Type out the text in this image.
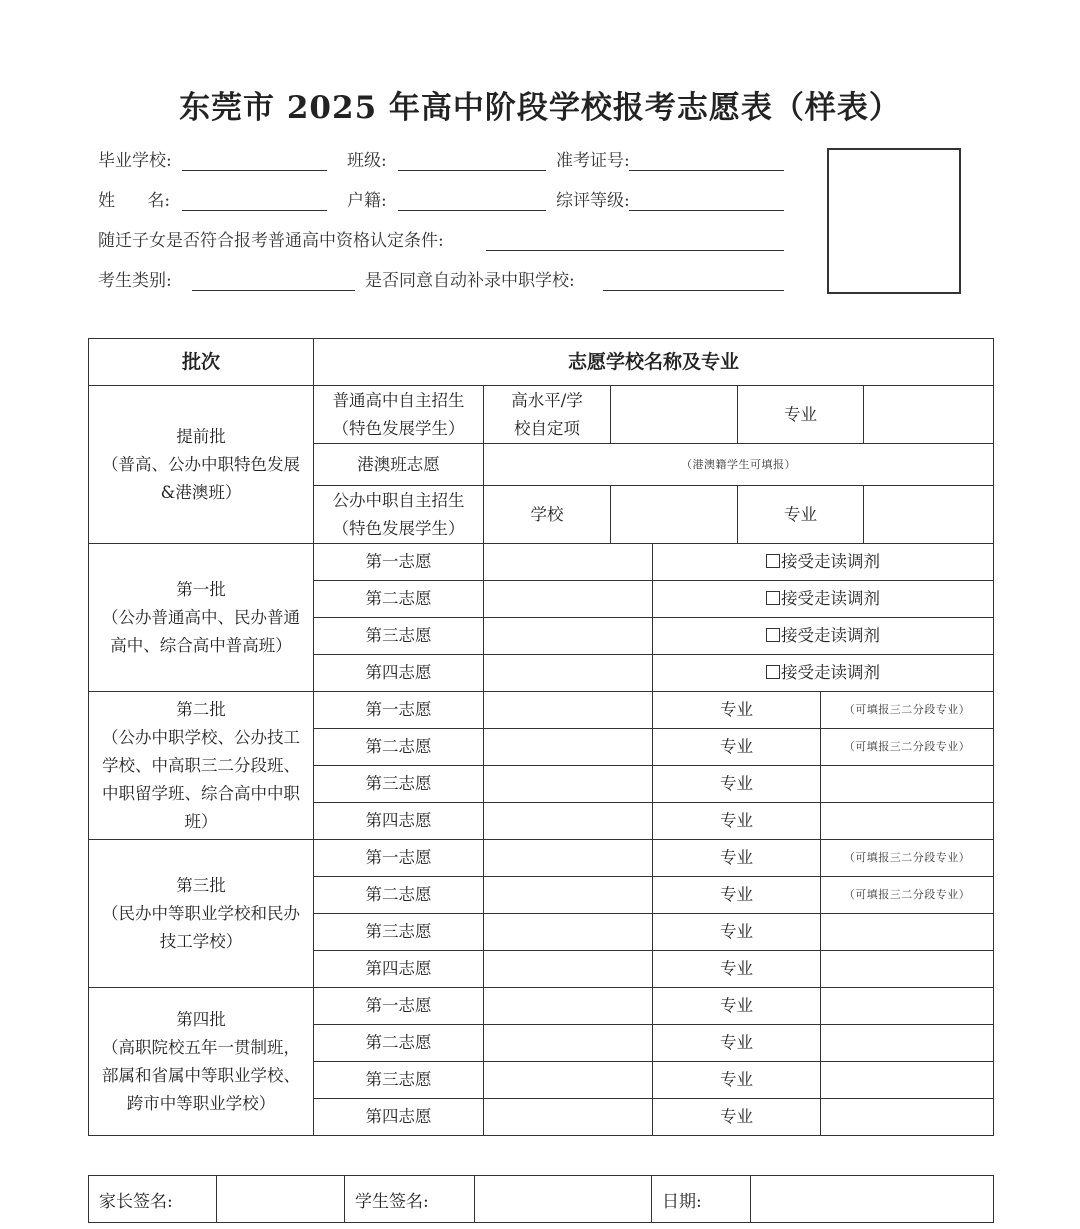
东莞市 2025 年高中阶段学校报考志愿表（样表）
毕业学校:	班级:	准考证号:
姓      名:	户籍:	综评等级:
随迁子女是否符合报考普通高中资格认定条件:
考生类别:	是否同意自动补录中职学校:
批次	志愿学校名称及专业						
提前批
（普高、公办中职特色发展&港澳班）	普通高中自主招生（特色发展学生）	高水平/学校自定项			专业		
	港澳班志愿	（港澳籍学生可填报）					
	公办中职自主招生（特色发展学生）	学校			专业		
第一批
（公办普通高中、民办普通高中、综合高中普高班）	第一志愿			接受走读调剂			
	第二志愿			接受走读调剂			
	第三志愿			接受走读调剂			
	第四志愿			接受走读调剂			
第二批
（公办中职学校、公办技工学校、中高职三二分段班、中职留学班、综合高中中职班）	第一志愿			专业		（可填报三二分段专业）	
	第二志愿			专业		（可填报三二分段专业）	
	第三志愿			专业			
	第四志愿			专业			
第三批
（民办中等职业学校和民办技工学校）	第一志愿			专业		（可填报三二分段专业）	
	第二志愿			专业		（可填报三二分段专业）	
	第三志愿			专业			
	第四志愿			专业			
第四批
（高职院校五年一贯制班，部属和省属中等职业学校、跨市中等职业学校）	第一志愿			专业			
	第二志愿			专业			
	第三志愿			专业			
	第四志愿			专业			
家长签名:		学生签名:		日期:	
